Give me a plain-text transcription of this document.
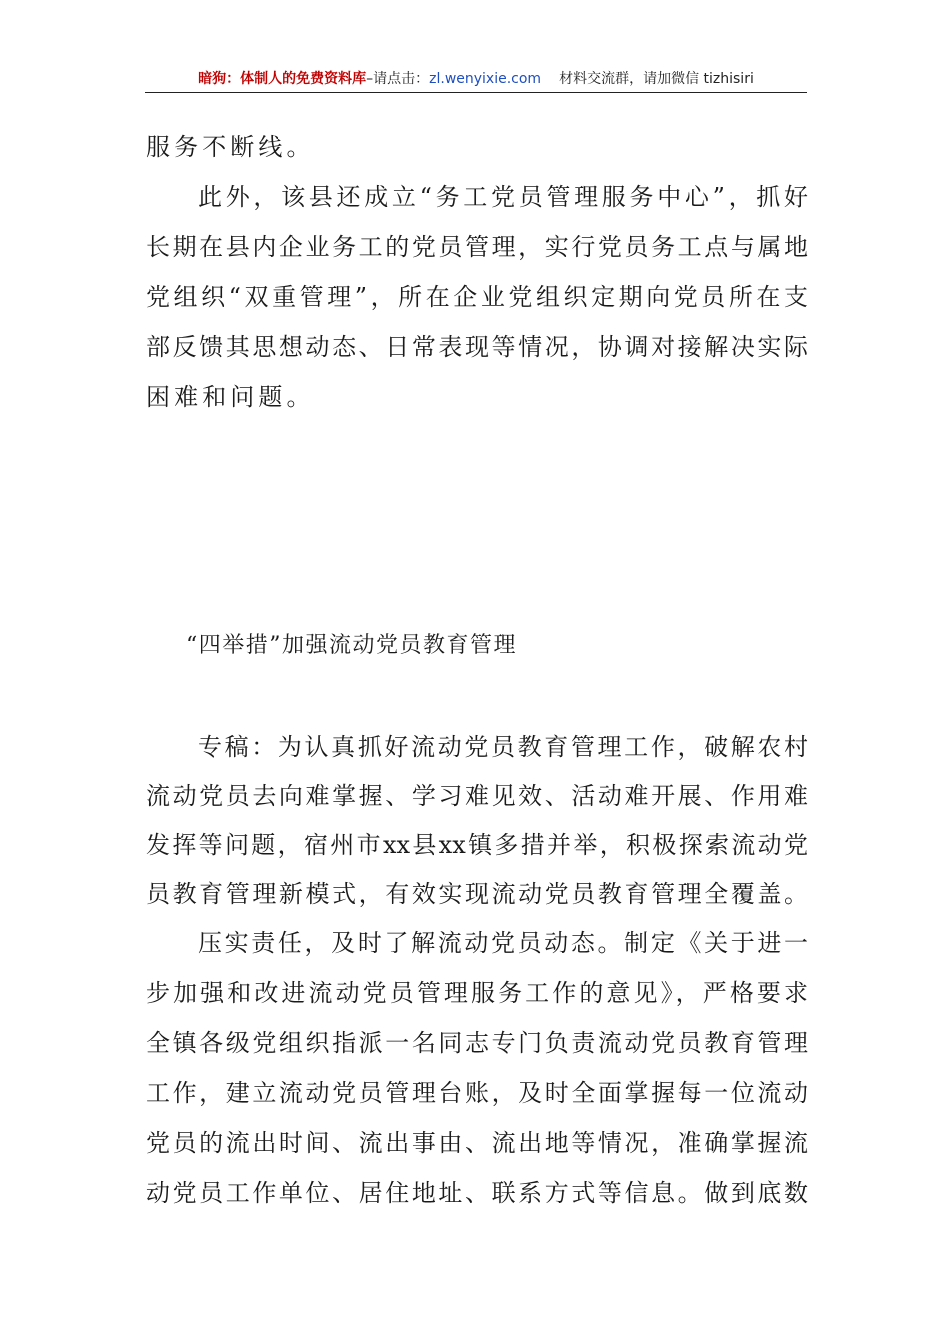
暗狗：体制人的免费资料库–请点击：zl.wenyixie.com 材料交流群，请加微信 tizhisiri
服务不断线。
此外，该县还成立“务工党员管理服务中心”，抓好
长期在县内企业务工的党员管理，实行党员务工点与属地
党组织“双重管理”，所在企业党组织定期向党员所在支
部反馈其思想动态、日常表现等情况，协调对接解决实际
困难和问题。
“四举措”加强流动党员教育管理
专稿：为认真抓好流动党员教育管理工作，破解农村
流动党员去向难掌握、学习难见效、活动难开展、作用难
发挥等问题，宿州市xx县xx镇多措并举，积极探索流动党
员教育管理新模式，有效实现流动党员教育管理全覆盖。
压实责任，及时了解流动党员动态。制定《关于进一
步加强和改进流动党员管理服务工作的意见》，严格要求
全镇各级党组织指派一名同志专门负责流动党员教育管理
工作，建立流动党员管理台账，及时全面掌握每一位流动
党员的流出时间、流出事由、流出地等情况，准确掌握流
动党员工作单位、居住地址、联系方式等信息。做到底数
